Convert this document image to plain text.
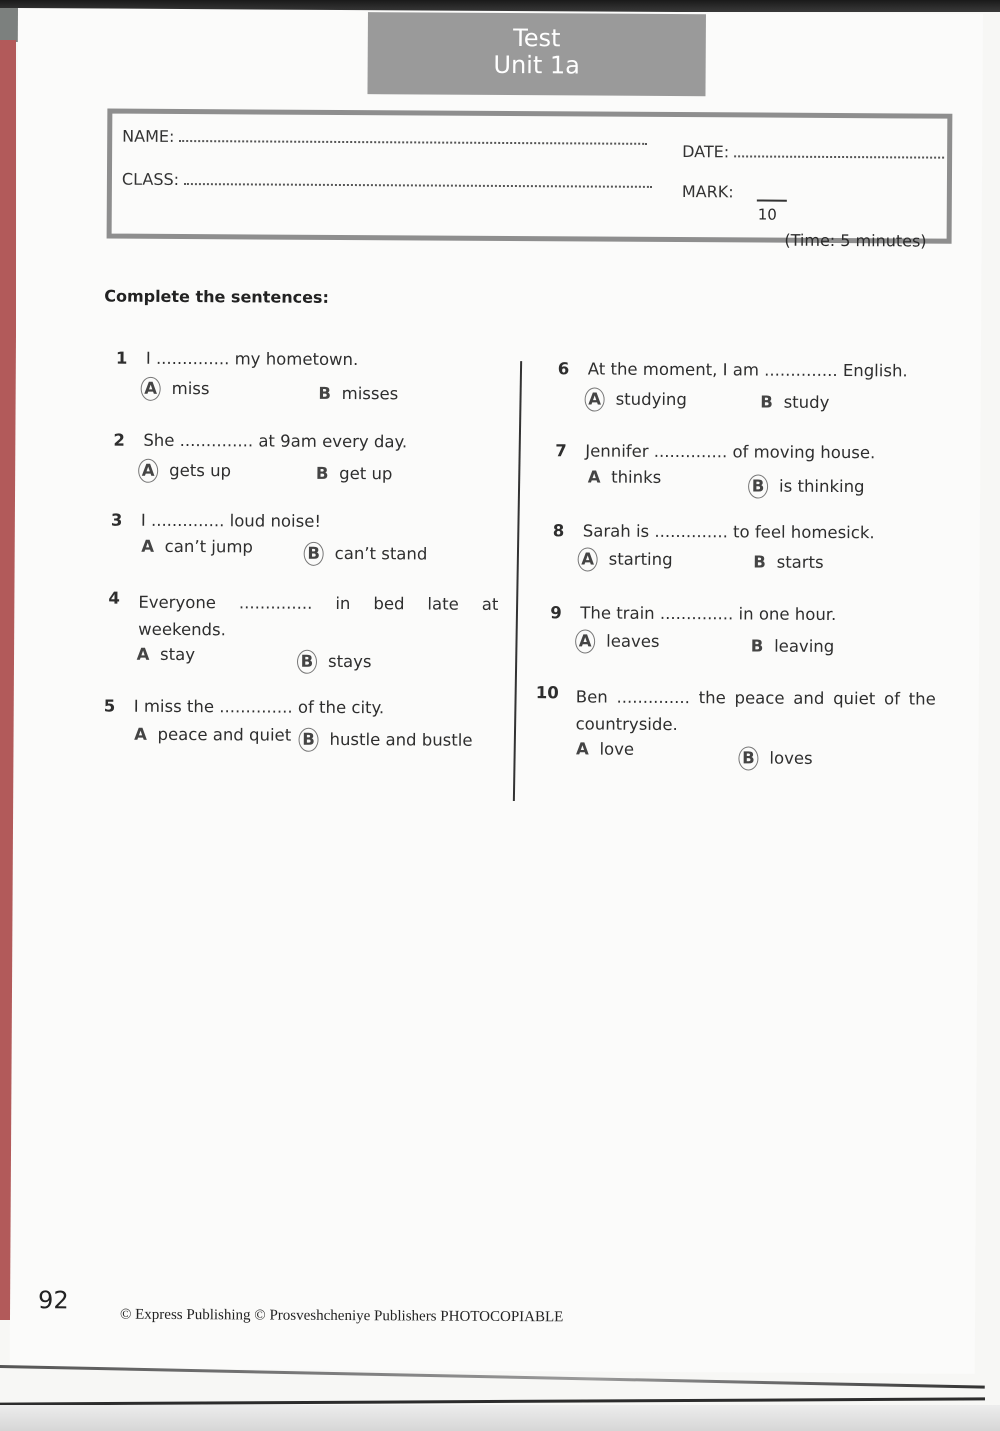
Test
Unit 1a
NAME:
CLASS:
DATE:
MARK:
10
(Time: 5 minutes)
Complete the sentences:
1 I .............. my hometown.
A miss	B misses
2 She .............. at 9am every day.
A gets up	B get up
3 I .............. loud noise!
A can’t jump	B can’t stand
4 Everyone .............. in bed late at weekends.
A stay	B stays
5 I miss the .............. of the city.
A peace and quiet B hustle and bustle
6 At the moment, I am .............. English.
A studying	B study
7 Jennifer .............. of moving house.
A thinks	B is thinking
8 Sarah is .............. to feel homesick.
A starting	B starts
9 The train .............. in one hour.
A leaves	B leaving
10 Ben .............. the peace and quiet of the countryside.
A love	B loves
92
© Express Publishing © Prosveshcheniye Publishers PHOTOCOPIABLE
